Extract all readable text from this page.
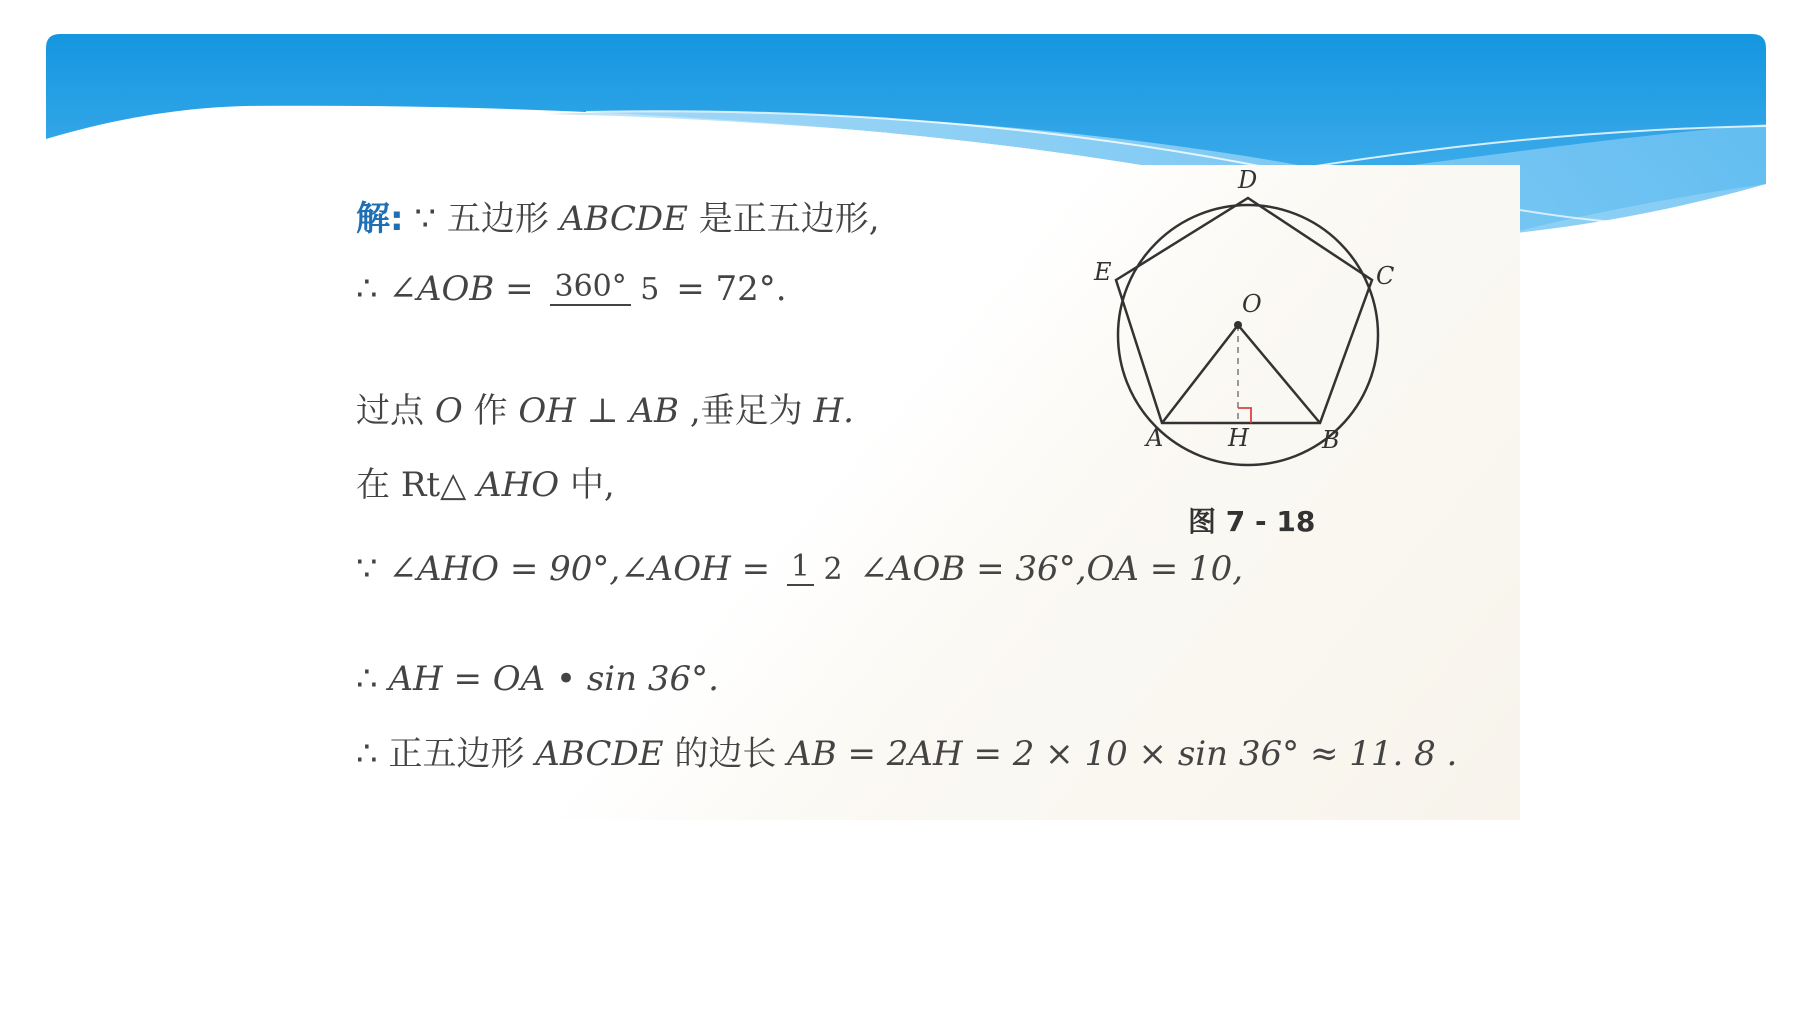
解: ∵ 五边形 ABCDE 是正五边形,
∴ ∠AOB = 360° 5 = 72°.
过点 O 作 OH ⊥ AB ,垂足为 H.
在 Rt△ AHO 中,
∵ ∠AHO = 90°,∠AOH = 1 2 ∠AOB = 36°,OA = 10,
∴ AH = OA • sin 36°.
∴ 正五边形 ABCDE 的边长 AB = 2AH = 2 × 10 × sin 36° ≈ 11. 8 .
D
C
E
O
A	H	B
图 7 - 18
